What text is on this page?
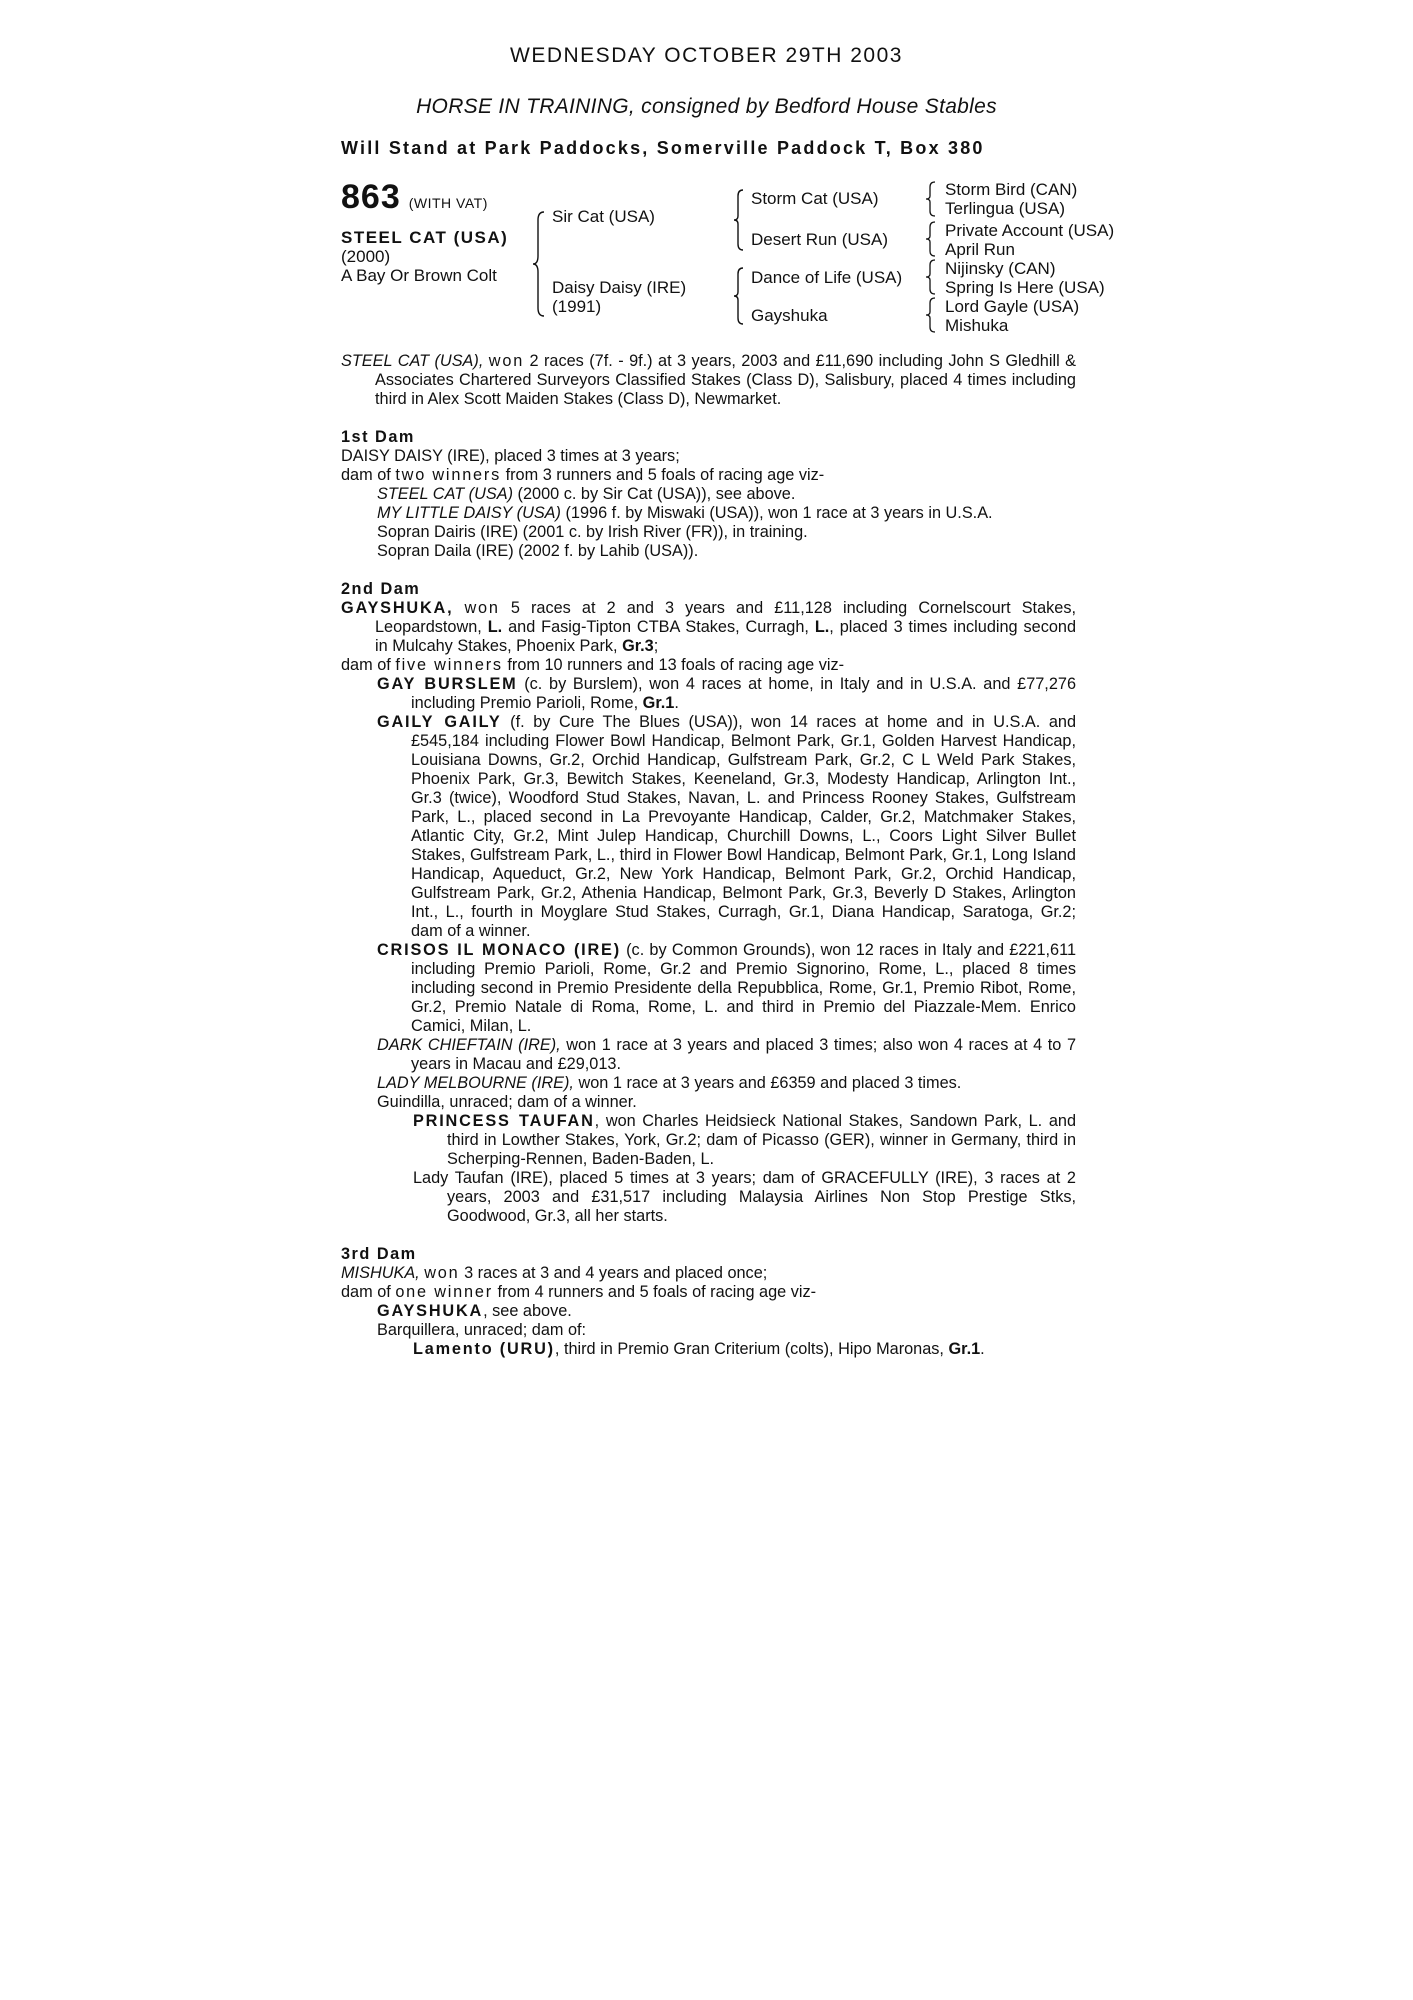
WEDNESDAY OCTOBER 29TH 2003
HORSE IN TRAINING, consigned by Bedford House Stables
Will Stand at Park Paddocks, Somerville Paddock T, Box 380
863 (WITH VAT)
STEEL CAT (USA)
(2000)
A Bay Or Brown Colt
Sir Cat (USA)
Daisy Daisy (IRE)
(1991)
Storm Cat (USA)
Desert Run (USA)
Dance of Life (USA)
Gayshuka
Storm Bird (CAN)
Terlingua (USA)
Private Account (USA)
April Run
Nijinsky (CAN)
Spring Is Here (USA)
Lord Gayle (USA)
Mishuka

STEEL CAT (USA), won 2 races (7f. - 9f.) at 3 years, 2003 and £11,690 including John S Gledhill & Associates Chartered Surveyors Classified Stakes (Class D), Salisbury, placed 4 times including third in Alex Scott Maiden Stakes (Class D), Newmarket.

1st Dam

DAISY DAISY (IRE), placed 3 times at 3 years;

dam of two winners from 3 runners and 5 foals of racing age viz-

STEEL CAT (USA) (2000 c. by Sir Cat (USA)), see above.

MY LITTLE DAISY (USA) (1996 f. by Miswaki (USA)), won 1 race at 3 years in U.S.A.

Sopran Dairis (IRE) (2001 c. by Irish River (FR)), in training.

Sopran Daila (IRE) (2002 f. by Lahib (USA)).

2nd Dam

GAYSHUKA, won 5 races at 2 and 3 years and £11,128 including Cornelscourt Stakes, Leopardstown, L. and Fasig-Tipton CTBA Stakes, Curragh, L., placed 3 times including second in Mulcahy Stakes, Phoenix Park, Gr.3;

dam of five winners from 10 runners and 13 foals of racing age viz-

GAY BURSLEM (c. by Burslem), won 4 races at home, in Italy and in U.S.A. and £77,276 including Premio Parioli, Rome, Gr.1.

GAILY GAILY (f. by Cure The Blues (USA)), won 14 races at home and in U.S.A. and £545,184 including Flower Bowl Handicap, Belmont Park, Gr.1, Golden Harvest Handicap, Louisiana Downs, Gr.2, Orchid Handicap, Gulfstream Park, Gr.2, C L Weld Park Stakes, Phoenix Park, Gr.3, Bewitch Stakes, Keeneland, Gr.3, Modesty Handicap, Arlington Int., Gr.3 (twice), Woodford Stud Stakes, Navan, L. and Princess Rooney Stakes, Gulfstream Park, L., placed second in La Prevoyante Handicap, Calder, Gr.2, Matchmaker Stakes, Atlantic City, Gr.2, Mint Julep Handicap, Churchill Downs, L., Coors Light Silver Bullet Stakes, Gulfstream Park, L., third in Flower Bowl Handicap, Belmont Park, Gr.1, Long Island Handicap, Aqueduct, Gr.2, New York Handicap, Belmont Park, Gr.2, Orchid Handicap, Gulfstream Park, Gr.2, Athenia Handicap, Belmont Park, Gr.3, Beverly D Stakes, Arlington Int., L., fourth in Moyglare Stud Stakes, Curragh, Gr.1, Diana Handicap, Saratoga, Gr.2; dam of a winner.

CRISOS IL MONACO (IRE) (c. by Common Grounds), won 12 races in Italy and £221,611 including Premio Parioli, Rome, Gr.2 and Premio Signorino, Rome, L., placed 8 times including second in Premio Presidente della Repubblica, Rome, Gr.1, Premio Ribot, Rome, Gr.2, Premio Natale di Roma, Rome, L. and third in Premio del Piazzale-Mem. Enrico Camici, Milan, L.

DARK CHIEFTAIN (IRE), won 1 race at 3 years and placed 3 times; also won 4 races at 4 to 7 years in Macau and £29,013.

LADY MELBOURNE (IRE), won 1 race at 3 years and £6359 and placed 3 times.

Guindilla, unraced; dam of a winner.

PRINCESS TAUFAN, won Charles Heidsieck National Stakes, Sandown Park, L. and third in Lowther Stakes, York, Gr.2; dam of Picasso (GER), winner in Germany, third in Scherping-Rennen, Baden-Baden, L.

Lady Taufan (IRE), placed 5 times at 3 years; dam of GRACEFULLY (IRE), 3 races at 2 years, 2003 and £31,517 including Malaysia Airlines Non Stop Prestige Stks, Goodwood, Gr.3, all her starts.

3rd Dam

MISHUKA, won 3 races at 3 and 4 years and placed once;

dam of one winner from 4 runners and 5 foals of racing age viz-

GAYSHUKA, see above.

Barquillera, unraced; dam of:

Lamento (URU), third in Premio Gran Criterium (colts), Hipo Maronas, Gr.1.
